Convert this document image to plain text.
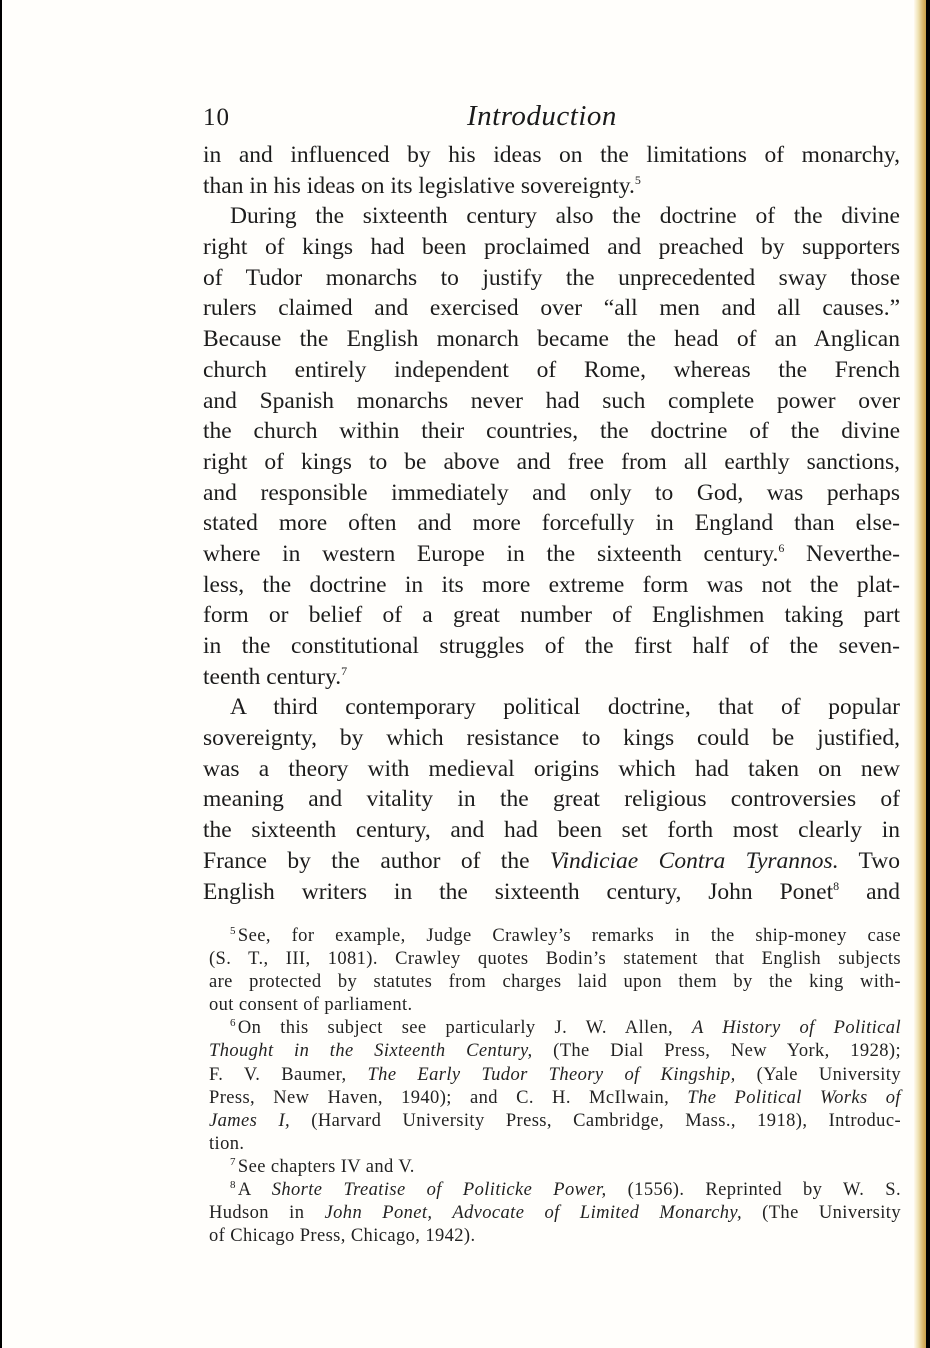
10	Introduction
in and influenced by his ideas on the limitations of monarchy,
than in his ideas on its legislative sovereignty.$^5$
During the sixteenth century also the doctrine of the divine
right of kings had been proclaimed and preached by supporters
of Tudor monarchs to justify the unprecedented sway those
rulers claimed and exercised over “all men and all causes.”
Because the English monarch became the head of an Anglican
church entirely independent of Rome, whereas the French
and Spanish monarchs never had such complete power over
the church within their countries, the doctrine of the divine
right of kings to be above and free from all earthly sanctions,
and responsible immediately and only to God, was perhaps
stated more often and more forcefully in England than else-
where in western Europe in the sixteenth century.$^6$ Neverthe-
less, the doctrine in its more extreme form was not the plat-
form or belief of a great number of Englishmen taking part
in the constitutional struggles of the first half of the seven-
teenth century.$^7$
A third contemporary political doctrine, that of popular
sovereignty, by which resistance to kings could be justified,
was a theory with medieval origins which had taken on new
meaning and vitality in the great religious controversies of
the sixteenth century, and had been set forth most clearly in
France by the author of the Vindiciae Contra Tyrannos. Two
English writers in the sixteenth century, John Ponet$^8$ and
$^5$ See, for example, Judge Crawley’s remarks in the ship-money case
(S. T., III, 1081). Crawley quotes Bodin’s statement that English subjects
are protected by statutes from charges laid upon them by the king with-
out consent of parliament.
$^6$ On this subject see particularly J. W. Allen, A History of Political
Thought in the Sixteenth Century, (The Dial Press, New York, 1928);
F. V. Baumer, The Early Tudor Theory of Kingship, (Yale University
Press, New Haven, 1940); and C. H. McIlwain, The Political Works of
James I, (Harvard University Press, Cambridge, Mass., 1918), Introduc-
tion.
$^7$ See chapters IV and V.
$^8$ A Shorte Treatise of Politicke Power, (1556). Reprinted by W. S.
Hudson in John Ponet, Advocate of Limited Monarchy, (The University
of Chicago Press, Chicago, 1942).
